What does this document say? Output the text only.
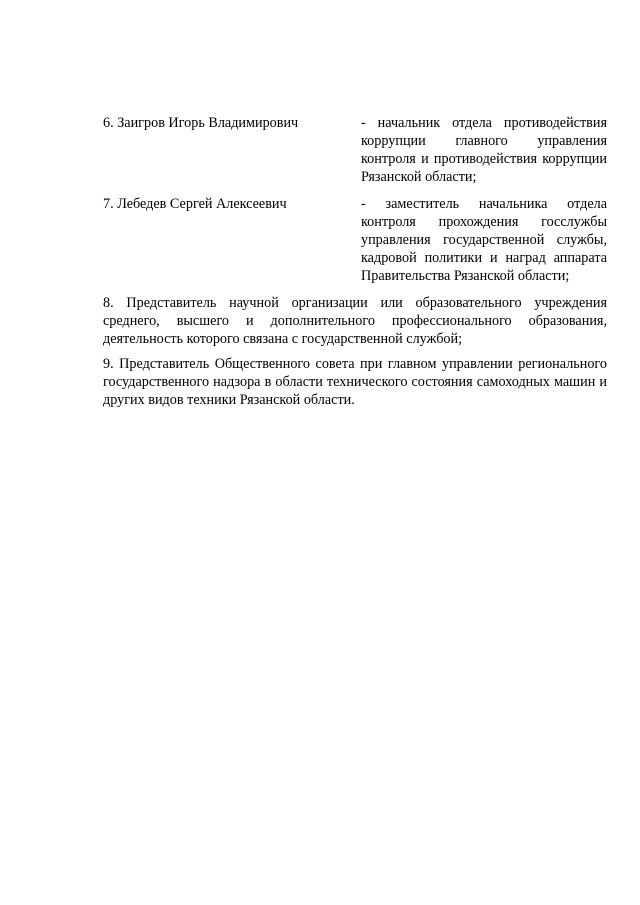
6. Заигров Игорь Владимирович	- начальник отдела противодействия коррупции главного управления контроля и противодействия коррупции Рязанской области;
7. Лебедев Сергей Алексеевич	- заместитель начальника отдела контроля прохождения госслужбы управления государственной службы, кадровой политики и наград аппарата Правительства Рязанской области;

8. Представитель научной организации или образовательного учреждения среднего, высшего и дополнительного профессионального образования, деятельность которого связана с государственной службой;

9. Представитель Общественного совета при главном управлении регионального государственного надзора в области технического состояния самоходных машин и других видов техники Рязанской области.
